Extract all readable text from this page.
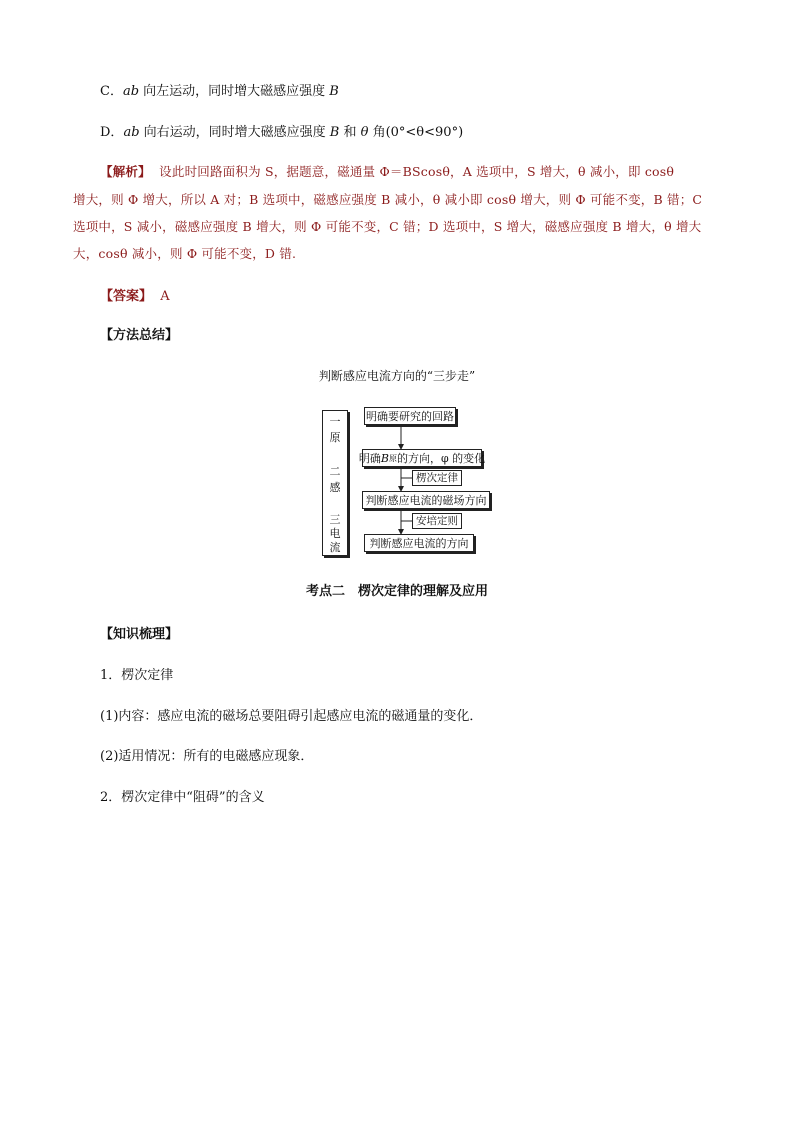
C．ab 向左运动，同时增大磁感应强度 B
D．ab 向右运动，同时增大磁感应强度 B 和 θ 角(0°<θ<90°)
【解析】 设此时回路面积为 S，据题意，磁通量 Φ＝BScosθ，A 选项中，S 增大，θ 减小，即 cosθ
增大，则 Φ 增大，所以 A 对；B 选项中，磁感应强度 B 减小，θ 减小即 cosθ 增大，则 Φ 可能不变，B 错；C
选项中，S 减小，磁感应强度 B 增大，则 Φ 可能不变，C 错；D 选项中，S 增大，磁感应强度 B 增大，θ 增大
大，cosθ 减小，则 Φ 可能不变，D 错.
【答案】 A
【方法总结】
判断感应电流方向的“三步走”
一
原
二
感
三
电
流
明确要研究的回路
明确 B 原 的方向，φ 的变化
楞次定律
判断感应电流的磁场方向
安培定则
判断感应电流的方向
考点二　楞次定律的理解及应用
【知识梳理】
1．楞次定律
(1)内容：感应电流的磁场总要阻碍引起感应电流的磁通量的变化．
(2)适用情况：所有的电磁感应现象．
2．楞次定律中“阻碍”的含义
